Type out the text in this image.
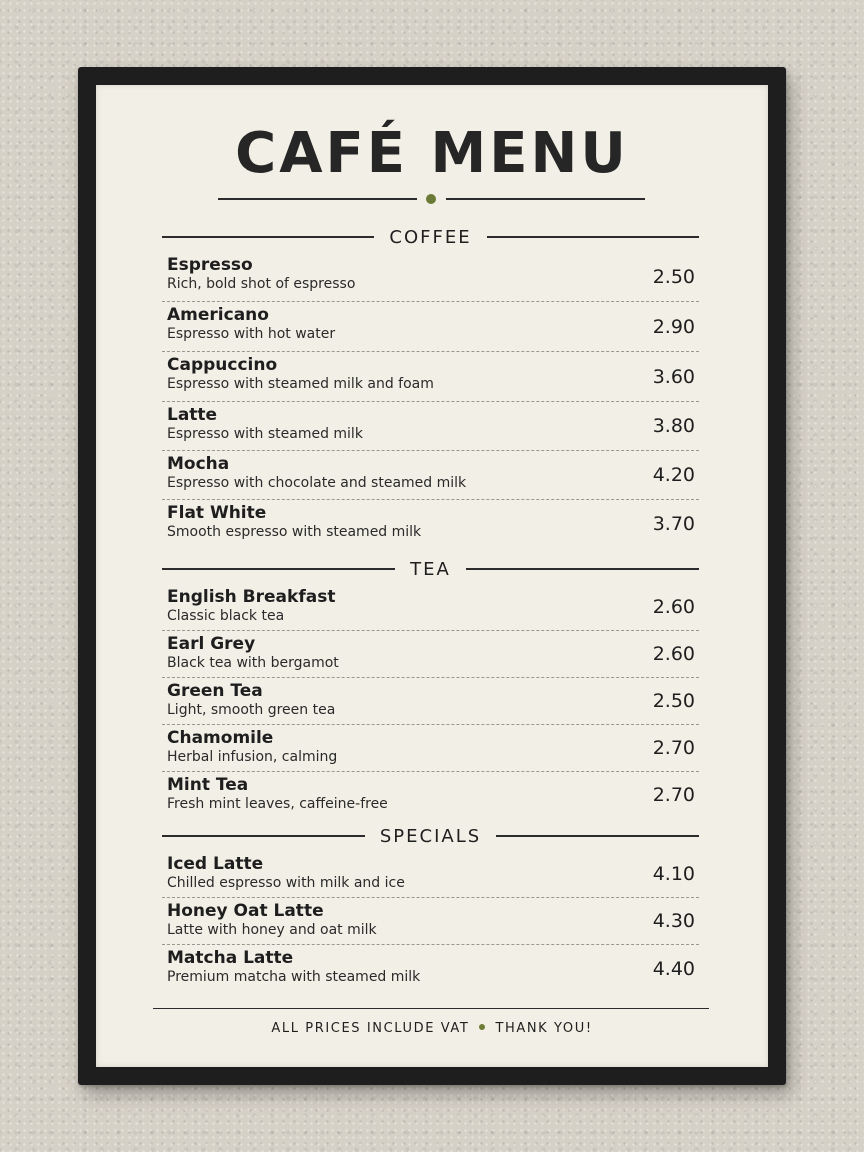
CAFÉ MENU
COFFEE
Espresso
Rich, bold shot of espresso	2.50
Americano
Espresso with hot water	2.90
Cappuccino
Espresso with steamed milk and foam	3.60
Latte
Espresso with steamed milk	3.80
Mocha
Espresso with chocolate and steamed milk	4.20
Flat White
Smooth espresso with steamed milk	3.70
TEA
English Breakfast
Classic black tea	2.60
Earl Grey
Black tea with bergamot	2.60
Green Tea
Light, smooth green tea	2.50
Chamomile
Herbal infusion, calming	2.70
Mint Tea
Fresh mint leaves, caffeine-free	2.70
SPECIALS
Iced Latte
Chilled espresso with milk and ice	4.10
Honey Oat Latte
Latte with honey and oat milk	4.30
Matcha Latte
Premium matcha with steamed milk	4.40
ALL PRICES INCLUDE VAT THANK YOU!
